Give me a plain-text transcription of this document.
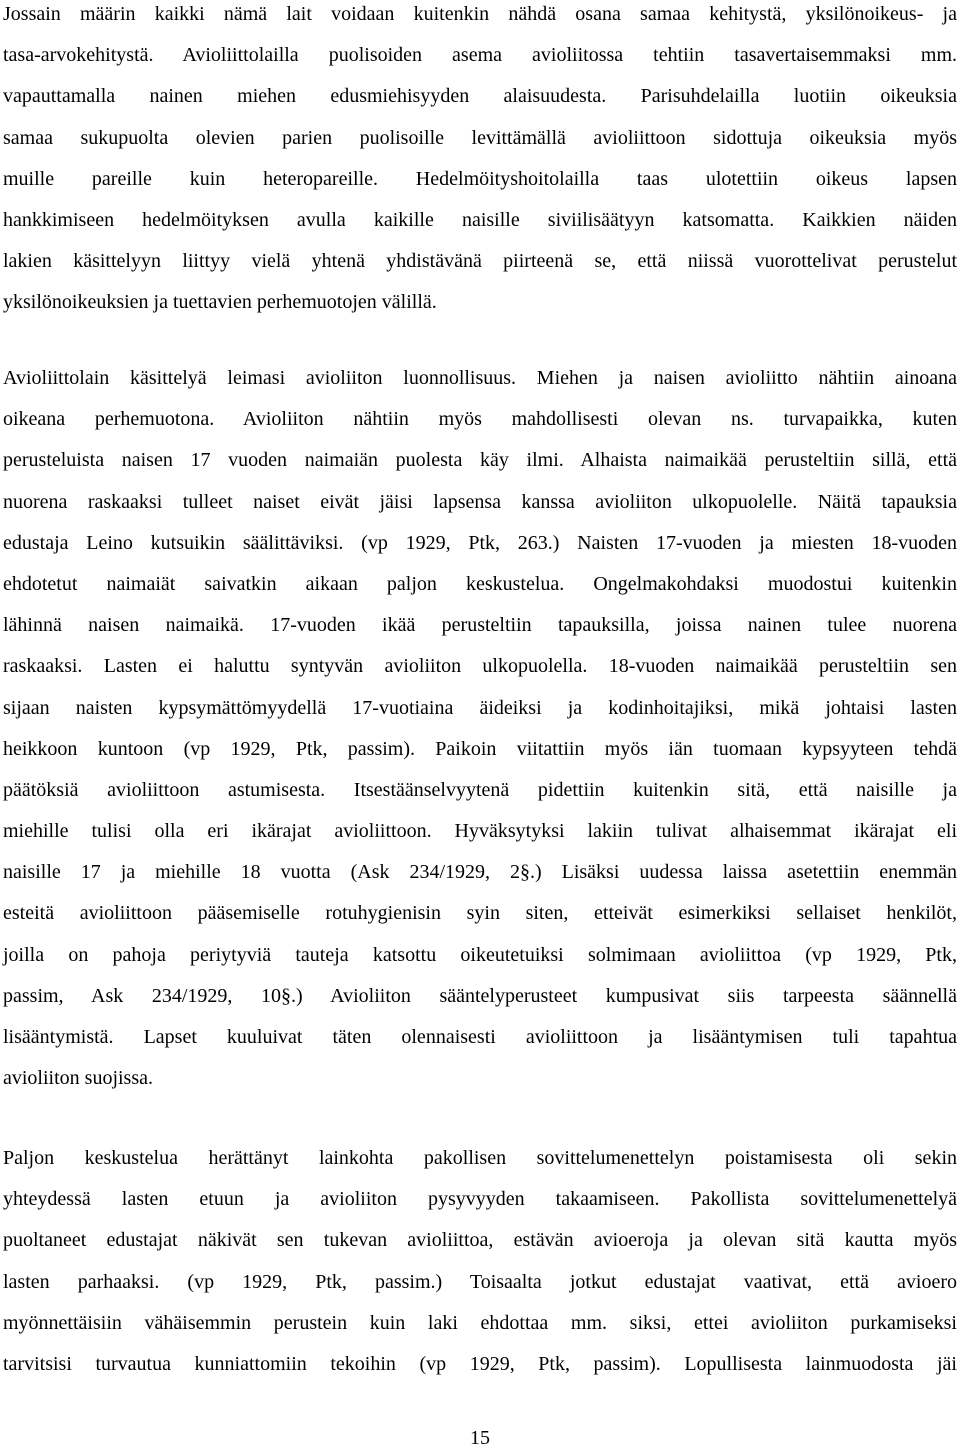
Jossain määrin kaikki nämä lait voidaan kuitenkin nähdä osana samaa kehitystä, yksilönoikeus- ja
tasa-arvokehitystä. Avioliittolailla puolisoiden asema avioliitossa tehtiin tasavertaisemmaksi mm.
vapauttamalla nainen miehen edusmiehisyyden alaisuudesta. Parisuhdelailla luotiin oikeuksia
samaa sukupuolta olevien parien puolisoille levittämällä avioliittoon sidottuja oikeuksia myös
muille pareille kuin heteropareille. Hedelmöityshoitolailla taas ulotettiin oikeus lapsen
hankkimiseen hedelmöityksen avulla kaikille naisille siviilisäätyyn katsomatta. Kaikkien näiden
lakien käsittelyyn liittyy vielä yhtenä yhdistävänä piirteenä se, että niissä vuorottelivat perustelut
yksilönoikeuksien ja tuettavien perhemuotojen välillä.
Avioliittolain käsittelyä leimasi avioliiton luonnollisuus. Miehen ja naisen avioliitto nähtiin ainoana
oikeana perhemuotona. Avioliiton nähtiin myös mahdollisesti olevan ns. turvapaikka, kuten
perusteluista naisen 17 vuoden naimaiän puolesta käy ilmi. Alhaista naimaikää perusteltiin sillä, että
nuorena raskaaksi tulleet naiset eivät jäisi lapsensa kanssa avioliiton ulkopuolelle. Näitä tapauksia
edustaja Leino kutsuikin säälittäviksi. (vp 1929, Ptk, 263.) Naisten 17-vuoden ja miesten 18-vuoden
ehdotetut naimaiät saivatkin aikaan paljon keskustelua. Ongelmakohdaksi muodostui kuitenkin
lähinnä naisen naimaikä. 17-vuoden ikää perusteltiin tapauksilla, joissa nainen tulee nuorena
raskaaksi. Lasten ei haluttu syntyvän avioliiton ulkopuolella. 18-vuoden naimaikää perusteltiin sen
sijaan naisten kypsymättömyydellä 17-vuotiaina äideiksi ja kodinhoitajiksi, mikä johtaisi lasten
heikkoon kuntoon (vp 1929, Ptk, passim). Paikoin viitattiin myös iän tuomaan kypsyyteen tehdä
päätöksiä avioliittoon astumisesta. Itsestäänselvyytenä pidettiin kuitenkin sitä, että naisille ja
miehille tulisi olla eri ikärajat avioliittoon. Hyväksytyksi lakiin tulivat alhaisemmat ikärajat eli
naisille 17 ja miehille 18 vuotta (Ask 234/1929, 2§.) Lisäksi uudessa laissa asetettiin enemmän
esteitä avioliittoon pääsemiselle rotuhygienisin syin siten, etteivät esimerkiksi sellaiset henkilöt,
joilla on pahoja periytyviä tauteja katsottu oikeutetuiksi solmimaan avioliittoa (vp 1929, Ptk,
passim, Ask 234/1929, 10§.) Avioliiton sääntelyperusteet kumpusivat siis tarpeesta säännellä
lisääntymistä. Lapset kuuluivat täten olennaisesti avioliittoon ja lisääntymisen tuli tapahtua
avioliiton suojissa.
Paljon keskustelua herättänyt lainkohta pakollisen sovittelumenettelyn poistamisesta oli sekin
yhteydessä lasten etuun ja avioliiton pysyvyyden takaamiseen. Pakollista sovittelumenettelyä
puoltaneet edustajat näkivät sen tukevan avioliittoa, estävän avioeroja ja olevan sitä kautta myös
lasten parhaaksi. (vp 1929, Ptk, passim.) Toisaalta jotkut edustajat vaativat, että avioero
myönnettäisiin vähäisemmin perustein kuin laki ehdottaa mm. siksi, ettei avioliiton purkamiseksi
tarvitsisi turvautua kunniattomiin tekoihin (vp 1929, Ptk, passim). Lopullisesta lainmuodosta jäi
15
